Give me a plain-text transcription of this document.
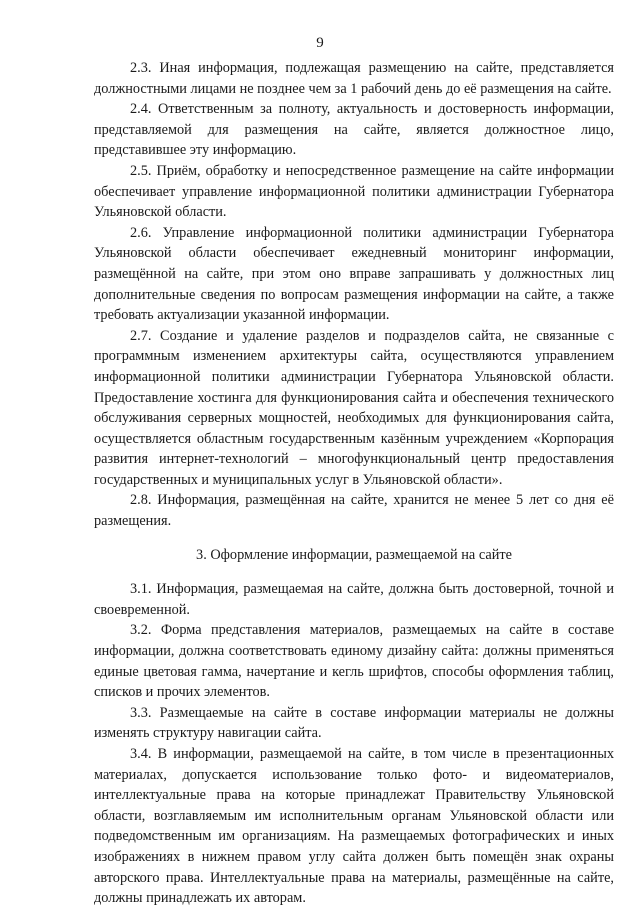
9

2.3. Иная информация, подлежащая размещению на сайте, представляется должностными лицами не позднее чем за 1 рабочий день до её размещения на сайте.

2.4. Ответственным за полноту, актуальность и достоверность информации, представляемой для размещения на сайте, является должностное лицо, представившее эту информацию.

2.5. Приём, обработку и непосредственное размещение на сайте информации обеспечивает управление информационной политики администрации Губернатора Ульяновской области.

2.6. Управление информационной политики администрации Губернатора Ульяновской области обеспечивает ежедневный мониторинг информации, размещённой на сайте, при этом оно вправе запрашивать у должностных лиц дополнительные сведения по вопросам размещения информации на сайте, а также требовать актуализации указанной информации.

2.7. Создание и удаление разделов и подразделов сайта, не связанные с программным изменением архитектуры сайта, осуществляются управлением информационной политики администрации Губернатора Ульяновской области. Предоставление хостинга для функционирования сайта и обеспечения технического обслуживания серверных мощностей, необходимых для функционирования сайта, осуществляется областным государственным казённым учреждением «Корпорация развития интернет-технологий – многофункциональный центр предоставления государственных и муниципальных услуг в Ульяновской области».

2.8. Информация, размещённая на сайте, хранится не менее 5 лет со дня её размещения.

3. Оформление информации, размещаемой на сайте

3.1. Информация, размещаемая на сайте, должна быть достоверной, точной и своевременной.

3.2. Форма представления материалов, размещаемых на сайте в составе информации, должна соответствовать единому дизайну сайта: должны применяться единые цветовая гамма, начертание и кегль шрифтов, способы оформления таблиц, списков и прочих элементов.

3.3. Размещаемые на сайте в составе информации материалы не должны изменять структуру навигации сайта.

3.4. В информации, размещаемой на сайте, в том числе в презентационных материалах, допускается использование только фото- и видеоматериалов, интеллектуальные права на которые принадлежат Правительству Ульяновской области, возглавляемым им исполнительным органам Ульяновской области или подведомственным им организациям. На размещаемых фотографических и иных изображениях в нижнем правом углу сайта должен быть помещён знак охраны авторского права. Интеллектуальные права на материалы, размещённые на сайте, должны принадлежать их авторам.
